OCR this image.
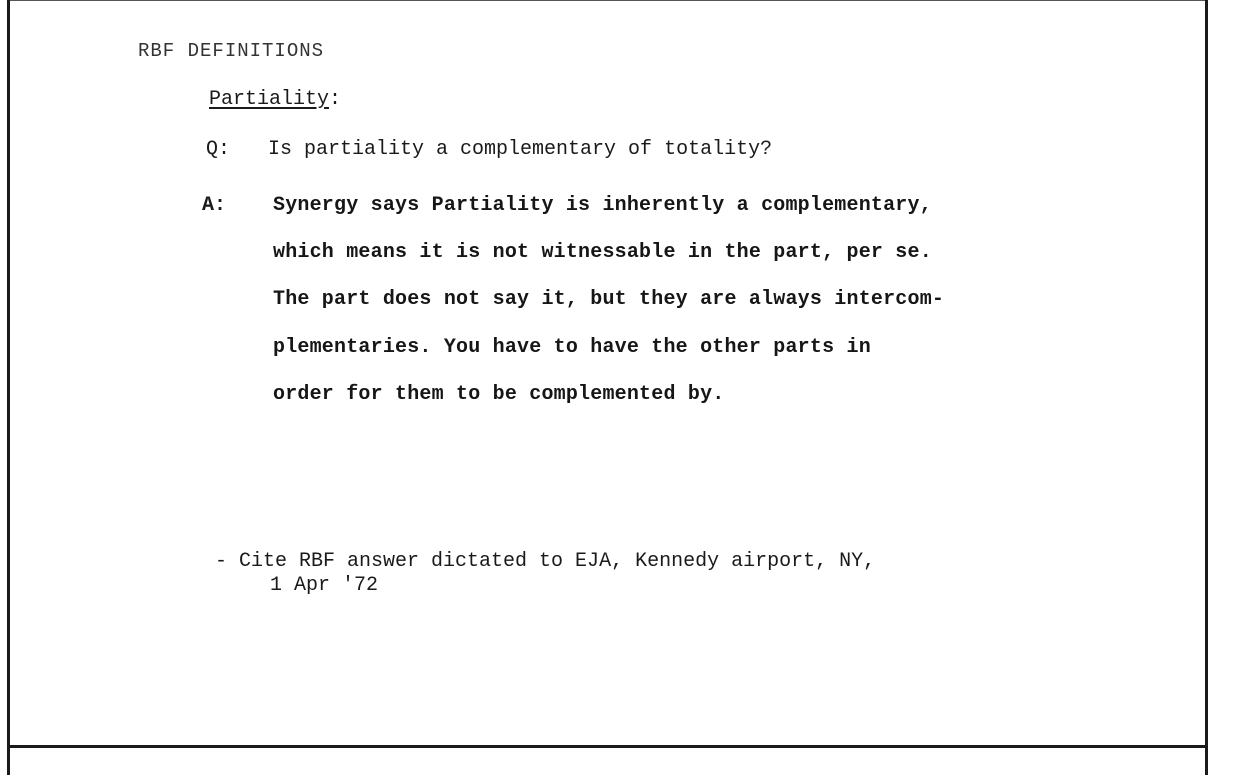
RBF DEFINITIONS
Partiality:
Q: Is partiality a complementary of totality?
A: Synergy says Partiality is inherently a complementary,
which means it is not witnessable in the part, per se.
The part does not say it, but they are always intercom-
plementaries. You have to have the other parts in
order for them to be complemented by.
- Cite RBF answer dictated to EJA, Kennedy airport, NY,
1 Apr '72
